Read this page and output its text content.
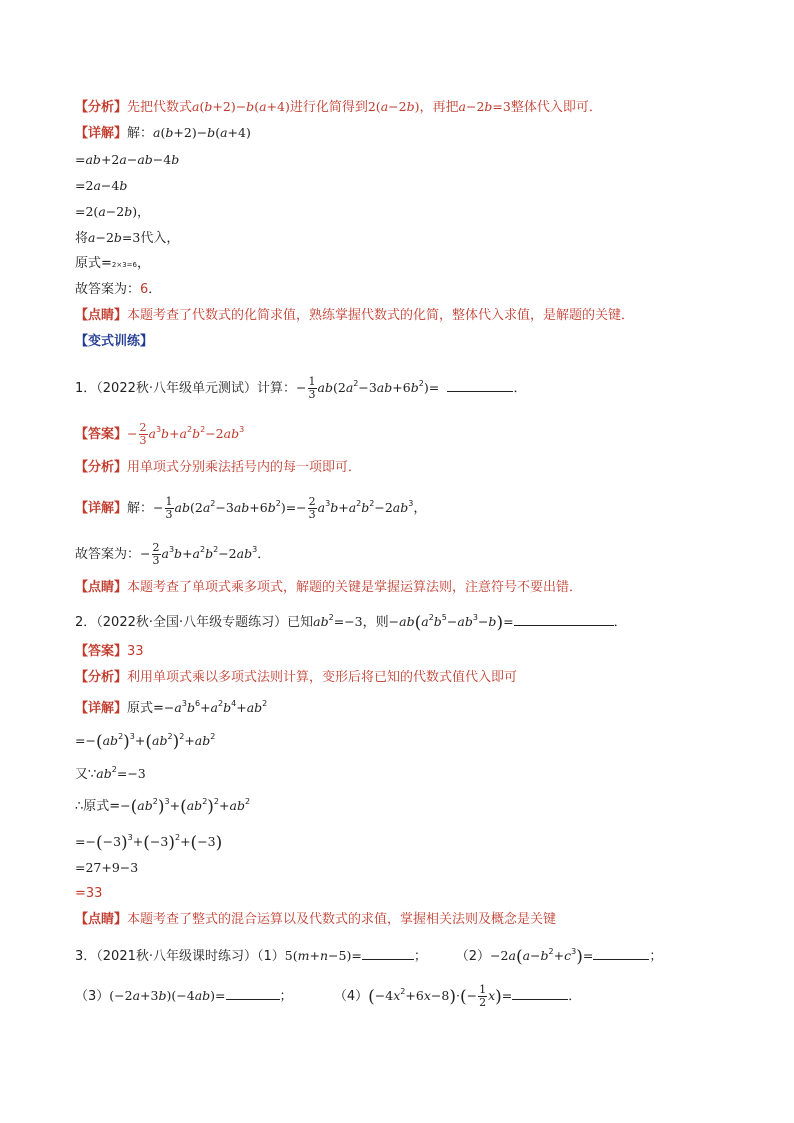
【分析】先把代数式a(b+2)−b(a+4)进行化简得到2(a−2b)，再把a−2b=3整体代入即可．
【详解】解：a(b+2)−b(a+4)
=ab+2a−ab−4b
=2a−4b
=2(a−2b)，
将a−2b=3代入，
原式=2×3=6，
故答案为：6．
【点睛】本题考查了代数式的化简求值，熟练掌握代数式的化简，整体代入求值，是解题的关键．
【变式训练】
1．（2022秋·八年级单元测试）计算：− $\frac{1}{3} ab(2a^2-3ab+6b^2)=$	．
【答案】− $\frac{2}{3} a^3b+a^2b^2-2ab^3$
【分析】用单项式分别乘法括号内的每一项即可．
【详解】解：− $\frac{1}{3} ab(2a^2-3ab+6b^2)=- \frac{2}{3} a^3b+a^2b^2-2ab^3$，
故答案为：− $\frac{2}{3} a^3b+a^2b^2-2ab^3$．
【点睛】本题考查了单项式乘多项式，解题的关键是掌握运算法则，注意符号不要出错．
2．（2022秋·全国·八年级专题练习）已知$ab^2=-3$，则$-ab(a^2b^5-ab^3-b)=$	．
【答案】33
【分析】利用单项式乘以多项式法则计算，变形后将已知的代数式值代入即可
【详解】原式$=-a^3b^6+a^2b^4+ab^2$
$=-(ab^2)^3+(ab^2)^2+ab^2$
又$\because ab^2=-3$
∴原式$=-(ab^2)^3+(ab^2)^2+ab^2$
$=-(-3)^3+(-3)^2+(-3)$
=27+9−3
=33
【点睛】本题考查了整式的混合运算以及代数式的求值，掌握相关法则及概念是关键
3．（2021秋·八年级课时练习）（1）5(m+n−5)=	； $(2)-2a(a-b^2+c^3)=$	；
（3）(−2a+3b)(−4ab)=	；	$(4)(-4x^2+6x-8)\cdot(- \frac{1}{2} x)=$	．
